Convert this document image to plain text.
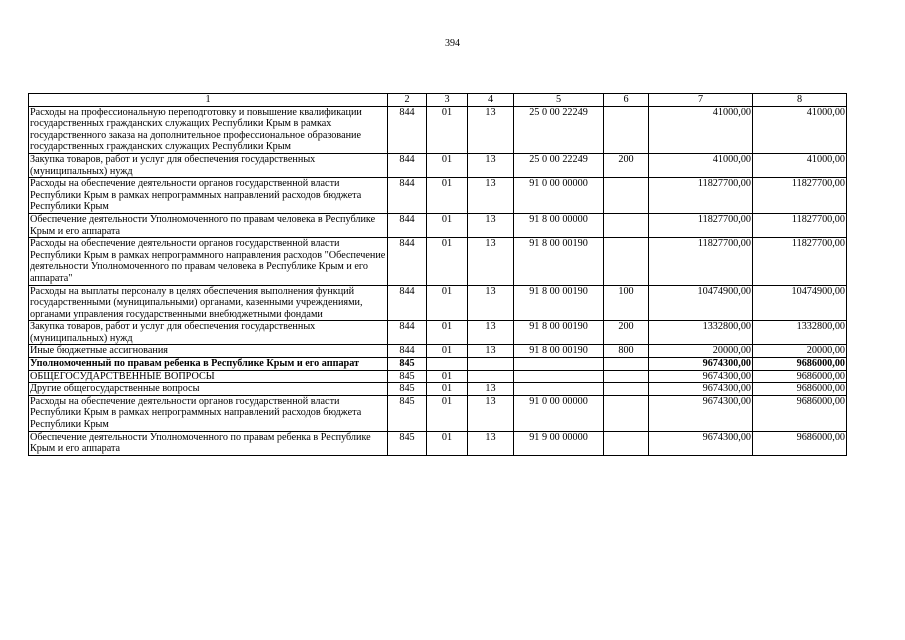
394
1	2	3	4	5	6	7	8
Расходы на профессиональную переподготовку и повышение квалификации государственных гражданских служащих Республики Крым в рамках государственного заказа на дополнительное профессиональное образование государственных гражданских служащих Республики Крым	844	01	13	25 0 00 22249		41000,00	41000,00
Закупка товаров, работ и услуг для обеспечения государственных (муниципальных) нужд	844	01	13	25 0 00 22249	200	41000,00	41000,00
Расходы на обеспечение деятельности органов государственной власти Республики Крым в рамках непрограммных направлений расходов бюджета Республики Крым	844	01	13	91 0 00 00000		11827700,00	11827700,00
Обеспечение деятельности Уполномоченного по правам человека в Республике Крым и его аппарата	844	01	13	91 8 00 00000		11827700,00	11827700,00
Расходы на обеспечение деятельности органов государственной власти Республики Крым в рамках непрограммного направления расходов "Обеспечение деятельности Уполномоченного по правам человека в Республике Крым и его аппарата"	844	01	13	91 8 00 00190		11827700,00	11827700,00
Расходы на выплаты персоналу в целях обеспечения выполнения функций государственными (муниципальными) органами, казенными учреждениями, органами управления государственными внебюджетными фондами	844	01	13	91 8 00 00190	100	10474900,00	10474900,00
Закупка товаров, работ и услуг для обеспечения государственных (муниципальных) нужд	844	01	13	91 8 00 00190	200	1332800,00	1332800,00
Иные бюджетные ассигнования	844	01	13	91 8 00 00190	800	20000,00	20000,00
Уполномоченный по правам ребенка в Республике Крым и его аппарат	845					9674300,00	9686000,00
ОБЩЕГОСУДАРСТВЕННЫЕ ВОПРОСЫ	845	01				9674300,00	9686000,00
Другие общегосударственные вопросы	845	01	13			9674300,00	9686000,00
Расходы на обеспечение деятельности органов государственной власти Республики Крым в рамках непрограммных направлений расходов бюджета Республики Крым	845	01	13	91 0 00 00000		9674300,00	9686000,00
Обеспечение деятельности Уполномоченного по правам ребенка в Республике Крым и его аппарата	845	01	13	91 9 00 00000		9674300,00	9686000,00
